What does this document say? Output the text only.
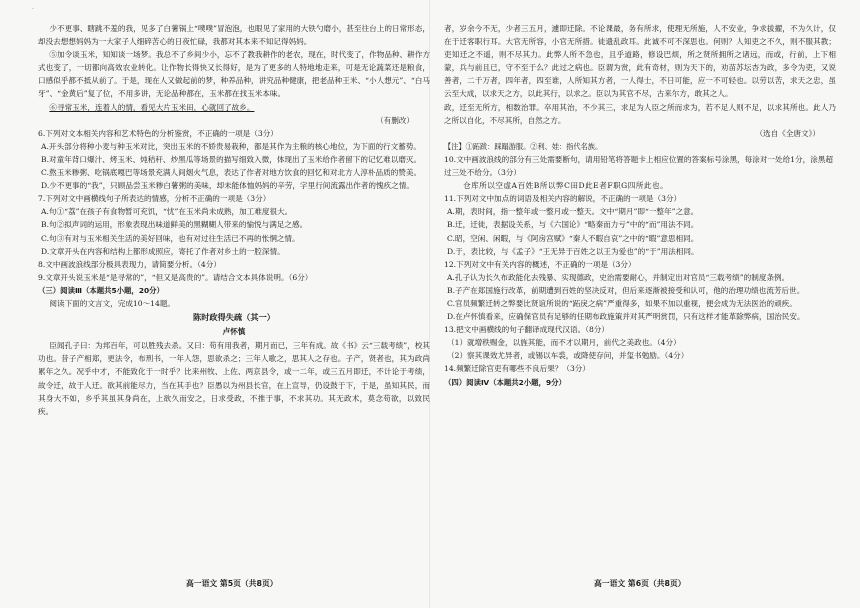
·

少不更事、瞎跳不羞的我，见多了白薯锅上“噗噗”冒泡泡，也眼见了家用的大铁勺磨小，甚至往台上的日常形态，却没去想想妈妈为一大家子人细碎苦心的日夜忙碌，我都对其本来不知记得妈妈。

⑤加令谈玉米，知知谈一场梦。我总不了乡间少小，忘不了教我耕作的老农，现在，时代变了，作物品种、耕作方式也变了，一切都向高效农业转化。让作物长得快又长得好，是为了更多的人特地地走来，可是无论蔬菜还是粮食，口感似乎都不抵从前了。于是，现在人又做起前的梦，种养品种，讲究品种健康，把老品种王米、“小人想元”、“白马牙”、“金黄后”复了位，不用多讲，无论品种都在，玉米都在找玉米本味。

⑥寻常玉米，连着人的情，看见大片玉米田，心就回了故乡。

（有删改）

6.下列对文本相关内容和艺术特色的分析鉴赏，不正确的一项是（3分）

A.开头部分将种小麦与种玉米对比，突出玉米的不娇贵易栽种，都是其作为主粮的核心地位，为下面的行文蓄势。

B.对童年背口爆汁、烤玉米、炖秸秆、炒黑瓜等场景的描写细致入微，体现出了玉米给作者留下的记忆难以磨灭。

C.熬玉米糁粥、吃锅底嘎巴等场景充满人间烟火气息，表达了作者对地方饮食的回忆和对北方人淳朴品质的赞美。

D.少不更事的“我”，只顾品尝玉米糁白薯粥的美味，却未能体恤妈妈的辛劳，字里行间流露出作者的愧疚之情。

7.下列对文中画横线句子所表达的情感，分析不正确的一项是（3分）

A.句①“荔”在孩子有食物暂可充饥，“忧”在玉米尚未成熟，加工难度很大。

B.句②拟声词的运用，形象表现出味道鲜美的黑糊糊人带来的愉悦与满足之感。

C.句③有对与玉米相关生活的美好回味，也有对过往生活已不再的怅惘之情。

D.文章开头在内容和结构上都形成照应，寄托了作者对乡土的一腔深情。

8.文中画波浪线部分极具表现力，请简要分析。（4分）

9.文章开头说玉米是“是寻常的”，“但又是高贵的”。请结合文本具体说明。（6分）

（三）阅读Ⅲ（本题共5小题，20分）

阅读下面的文言文，完成10～14题。

陈时政得失疏（其一）

卢怀慎

臣闻孔子曰：为邦百年，可以胜残去杀。又曰：苟有用我者，期月而已，三年有成。故《书》云“三载考绩”，校其功也。昔子产相郑，更法令，布刑书，一年人怨，思欲杀之；三年人歌之，思其人之存也。子产，贤者也，其为政尚累年之久。况乎中才，不能致化于一时乎？比来州牧、上佐、两京县令，或一二年，或三五月即迁，不计论于考绩，故令迁，故于人迁。欲其前能尽力，当在其手也？臣愚以为州县长官，在上宣导，仍设鼓于下，于是，虽知其民，而其身大不如，乡乎其虽其身尚在，上欲久而安之，日求受政，不推于事，不求其功。其无政术，莫念苟欲，以致民疾。

者，岁余今不无，少者三五月，遽即迁除。不论课最，务有所求，使理无所施，人不安业，争求拔擢，不为久计，仅在于迁客职行耳。大官无所容，小官无所措。徒遗乱政耳。此诚不可不深思也。何则？人知吏之不久，则不服其教；吏知迁之不遥，则不尽其力。此弊人所不急也，且乎道路，修设巴烦，所之贤所拥所之诸远，而或，行前，上下相蒙，兵与前且已，守不至于么？此过之病也。臣谓为赏，此有奇材，则为天下的，劝苗苏坛杏为政，多令为吏，又说善者，二千万者，四年者，四至谁，人所知其方者，一人得士，不日可能，应一不可轻也。以劳以苦，求天之忠，虽云至大成，以求天之方，以此其行，以求之。臣以为其官不尽，古来尔方，敢其之人。

政，迁至无所方，相数治罪。卒用其治，不少其三，求足为人臣之所而求为，若不足人则不足，以求其所也。此人乃之所以自化，不尽其所，自然之方。

（选自《全唐文》）

【注】①跖跋：踩蹋游服。②利、娃：指代名族。

10.文中画波浪线的部分有三处需要断句，请用铅笔将答题卡上相应位置的答案标号涂黑，每涂对一处给1分，涂黑超过三处不给分。（3分）

仓库所以空虚A百姓B所以弊C田D此E者F职G四所此也。

11.下列对文中加点的词语及相关内容的解说，不正确的一项是（3分）

A.期，表时间，指一整年或一整月或一整天。文中“期月”即“一整年”之意。

B.迁，迁徙，表据设关系，与《六国论》“略秦而力亏”中的“而”用法不同。

C.昭，空闲、闲暇，与《阿房宫赋》“秦人不暇自哀”之中的“暇”意思相同。

D.于，表比较，与《孟子》“王无异于百姓之以王为爱也”的“于”用法相同。

12.下列对文中有关内容的概述，不正确的一项是（3分）

A.孔子认为长久布政能化去残暴、实现德政，史治需要耐心，并制定出对官员“三载考绩”的制度条例。

B.子产在郑国施行改革，前期遭到百姓的坚决反对，但后来逐渐被接受和认可，他的治理功绩也流芳后世。

C.官员频繁迁转之弊要比贤谊所说的“跖戾之病”严重得多，如果不加以重视，便会成为无法医治的顽疾。

D.在卢怀慎看来，应确保官员有足够的任期布政施策并对其严明赏罚，只有这样才能革除弊病，国治民安。

13.把文中画横线的句子翻译成现代汉语。（8分）

（1）就增秩赐金，以旌其能，而不才以期月，前代之美政也。（4分）

（2）察其课效尤异者，或锡以车裘，或降使存问，并玺书勉励。（4分）

14.频繁迁除官吏有哪些不良后果？（3分）

（四）阅读Ⅳ（本题共2小题，9分）

高一语文 第5页（共8页）	高一语文 第6页（共8页）
